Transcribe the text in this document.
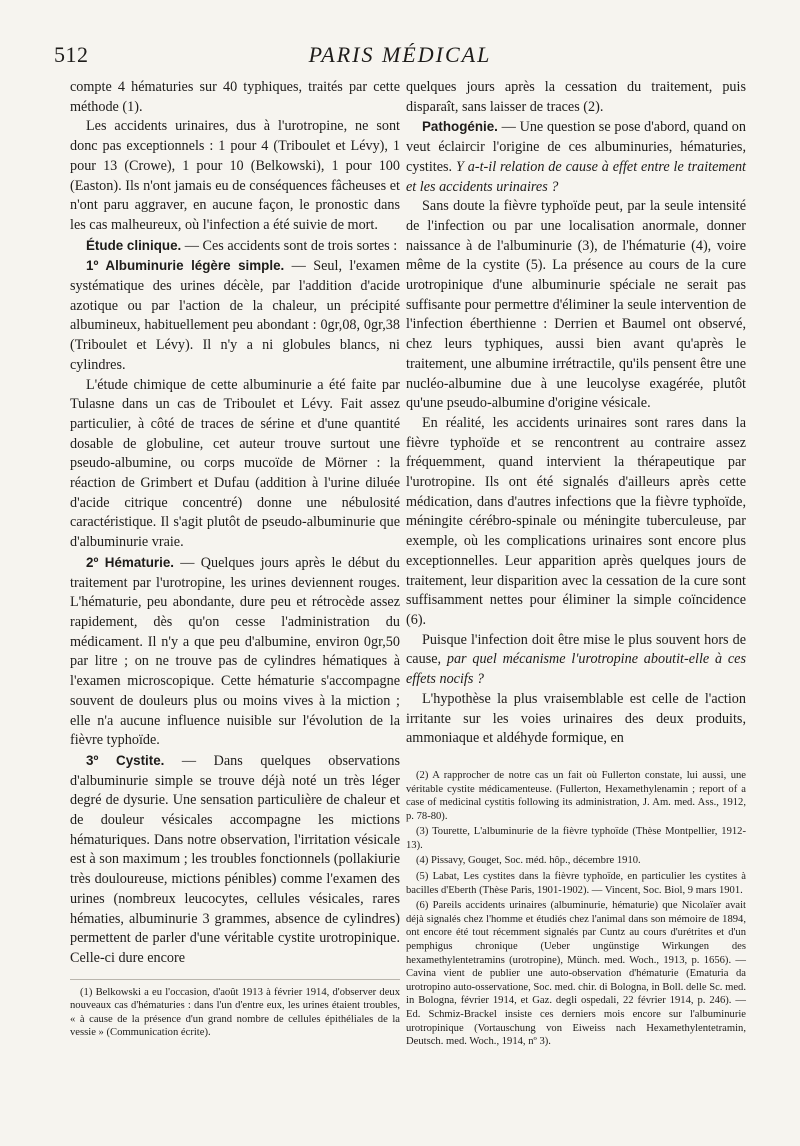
512	PARIS MÉDICAL

compte 4 hématuries sur 40 typhiques, traités par cette méthode (1).

Les accidents urinaires, dus à l'urotropine, ne sont donc pas exceptionnels : 1 pour 4 (Triboulet et Lévy), 1 pour 13 (Crowe), 1 pour 10 (Belkowski), 1 pour 100 (Easton). Ils n'ont jamais eu de conséquences fâcheuses et n'ont paru aggraver, en aucune façon, le pronostic dans les cas malheureux, où l'infection a été suivie de mort.

Étude clinique. — Ces accidents sont de trois sortes :

1º Albuminurie légère simple. — Seul, l'examen systématique des urines décèle, par l'addition d'acide azotique ou par l'action de la chaleur, un précipité albumineux, habituellement peu abondant : 0gr,08, 0gr,38 (Triboulet et Lévy). Il n'y a ni globules blancs, ni cylindres.

L'étude chimique de cette albuminurie a été faite par Tulasne dans un cas de Triboulet et Lévy. Fait assez particulier, à côté de traces de sérine et d'une quantité dosable de globuline, cet auteur trouve surtout une pseudo-albumine, ou corps mucoïde de Mörner : la réaction de Grimbert et Dufau (addition à l'urine diluée d'acide citrique concentré) donne une nébulosité caractéristique. Il s'agit plutôt de pseudo-albuminurie que d'albuminurie vraie.

2º Hématurie. — Quelques jours après le début du traitement par l'urotropine, les urines deviennent rouges. L'hématurie, peu abondante, dure peu et rétrocède assez rapidement, dès qu'on cesse l'administration du médicament. Il n'y a que peu d'albumine, environ 0gr,50 par litre ; on ne trouve pas de cylindres hématiques à l'examen microscopique. Cette hématurie s'accompagne souvent de douleurs plus ou moins vives à la miction ; elle n'a aucune influence nuisible sur l'évolution de la fièvre typhoïde.

3º Cystite. — Dans quelques observations d'albuminurie simple se trouve déjà noté un très léger degré de dysurie. Une sensation particulière de chaleur et de douleur vésicales accompagne les mictions hématuriques. Dans notre observation, l'irritation vésicale est à son maximum ; les troubles fonctionnels (pollakiurie très douloureuse, mictions pénibles) comme l'examen des urines (nombreux leucocytes, cellules vésicales, rares hématies, albuminurie 3 grammes, absence de cylindres) permettent de parler d'une véritable cystite urotropinique. Celle-ci dure encore

(1) Belkowski a eu l'occasion, d'août 1913 à février 1914, d'observer deux nouveaux cas d'hématuries : dans l'un d'entre eux, les urines étaient troubles, « à cause de la présence d'un grand nombre de cellules épithéliales de la vessie » (Communication écrite).

quelques jours après la cessation du traitement, puis disparaît, sans laisser de traces (2).

Pathogénie. — Une question se pose d'abord, quand on veut éclaircir l'origine de ces albuminuries, hématuries, cystites. Y a-t-il relation de cause à effet entre le traitement et les accidents urinaires ?

Sans doute la fièvre typhoïde peut, par la seule intensité de l'infection ou par une localisation anormale, donner naissance à de l'albuminurie (3), de l'hématurie (4), voire même de la cystite (5). La présence au cours de la cure urotropinique d'une albuminurie spéciale ne serait pas suffisante pour permettre d'éliminer la seule intervention de l'infection éberthienne : Derrien et Baumel ont observé, chez leurs typhiques, aussi bien avant qu'après le traitement, une albumine irrétractile, qu'ils pensent être une nucléo-albumine due à une leucolyse exagérée, plutôt qu'une pseudo-albumine d'origine vésicale.

En réalité, les accidents urinaires sont rares dans la fièvre typhoïde et se rencontrent au contraire assez fréquemment, quand intervient la thérapeutique par l'urotropine. Ils ont été signalés d'ailleurs après cette médication, dans d'autres infections que la fièvre typhoïde, méningite cérébro-spinale ou méningite tuberculeuse, par exemple, où les complications urinaires sont encore plus exceptionnelles. Leur apparition après quelques jours de traitement, leur disparition avec la cessation de la cure sont suffisamment nettes pour éliminer la simple coïncidence (6).

Puisque l'infection doit être mise le plus souvent hors de cause, par quel mécanisme l'urotropine aboutit-elle à ces effets nocifs ?

L'hypothèse la plus vraisemblable est celle de l'action irritante sur les voies urinaires des deux produits, ammoniaque et aldéhyde formique, en

(2) A rapprocher de notre cas un fait où Fullerton constate, lui aussi, une véritable cystite médicamenteuse. (Fullerton, Hexamethylenamin ; report of a case of medicinal cystitis following its administration, J. Am. med. Ass., 1912, p. 78-80).

(3) Tourette, L'albuminurie de la fièvre typhoïde (Thèse Montpellier, 1912-13).

(4) Pissavy, Gouget, Soc. méd. hôp., décembre 1910.

(5) Labat, Les cystites dans la fièvre typhoïde, en particulier les cystites à bacilles d'Eberth (Thèse Paris, 1901-1902). — Vincent, Soc. Biol, 9 mars 1901.

(6) Pareils accidents urinaires (albuminurie, hématurie) que Nicolaïer avait déjà signalés chez l'homme et étudiés chez l'animal dans son mémoire de 1894, ont encore été tout récemment signalés par Cuntz au cours d'urétrites et d'un pemphigus chronique (Ueber ungünstige Wirkungen des hexamethylentetramins (urotropine), Münch. med. Woch., 1913, p. 1656). — Cavina vient de publier une auto-observation d'hématurie (Ematuria da urotropino auto-osservatione, Soc. med. chir. di Bologna, in Boll. delle Sc. med. in Bologna, février 1914, et Gaz. degli ospedali, 22 février 1914, p. 246). — Ed. Schmiz-Brackel insiste ces derniers mois encore sur l'albuminurie urotropinique (Vortauschung von Eiweiss nach Hexamethylentetramin, Deutsch. med. Woch., 1914, nº 3).
